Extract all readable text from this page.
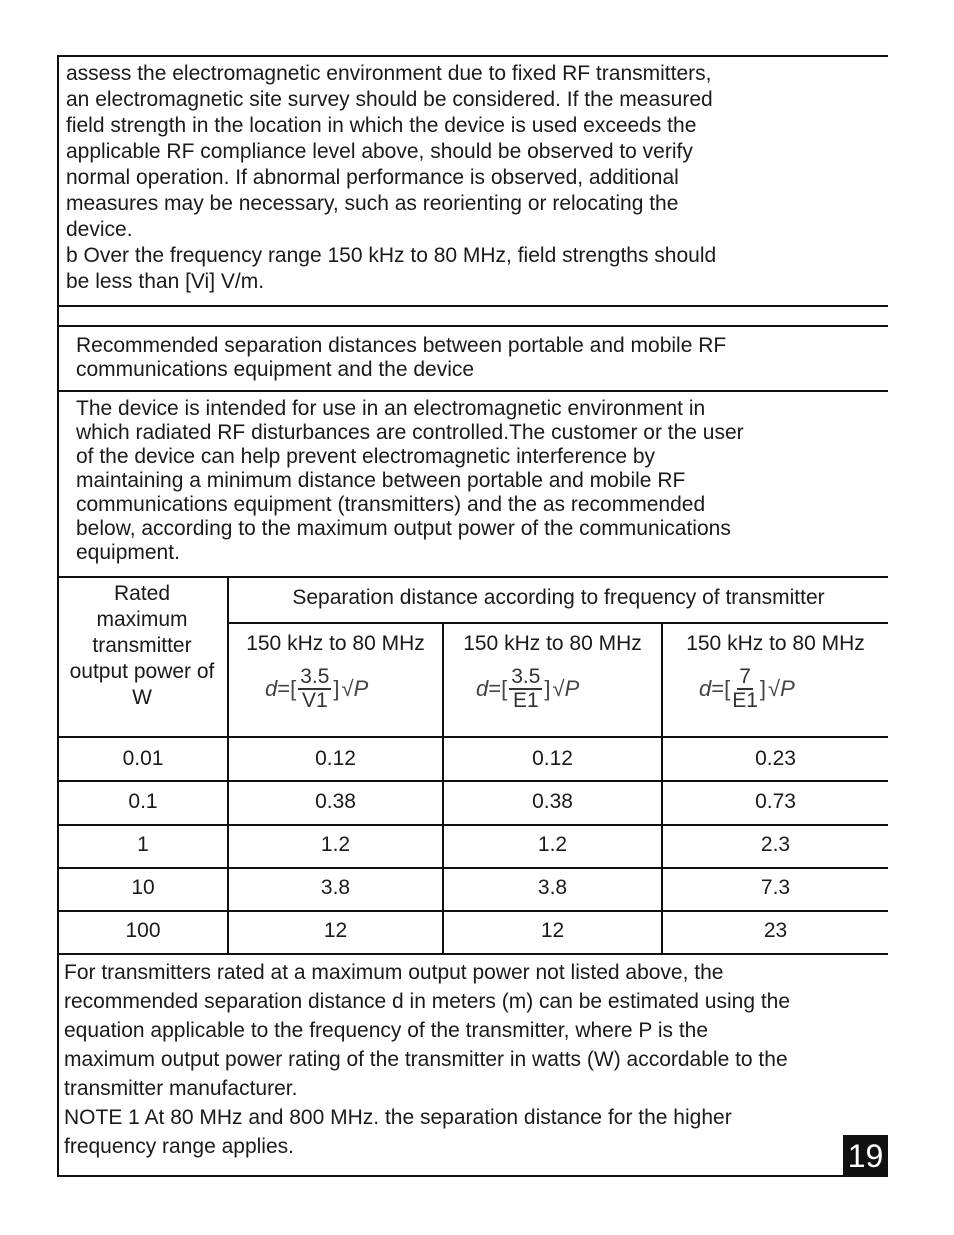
assess the electromagnetic environment due to fixed RF transmitters,
an electromagnetic site survey should be considered. If the measured
field strength in the location in which the device is used exceeds the
applicable RF compliance level above, should be observed to verify
normal operation. If abnormal performance is observed, additional
measures may be necessary, such as reorienting or relocating the
device.
b Over the frequency range 150 kHz to 80 MHz, field strengths should
be less than [Vi] V/m.
Recommended separation distances between portable and mobile RF
communications equipment and the device
The device is intended for use in an electromagnetic environment in
which radiated RF disturbances are controlled.The customer or the user
of the device can help prevent electromagnetic interference by
maintaining a minimum distance between portable and mobile RF
communications equipment (transmitters) and the as recommended
below, according to the maximum output power of the communications
equipment.
Rated
maximum
transmitter
output power of
W
Separation distance according to frequency of transmitter
150 kHz to 80 MHz	150 kHz to 80 MHz	150 kHz to 80 MHz
d =[ $\frac{3.5}{V1}$ ] √P	d =[ $\frac{3.5}{E1}$ ] √P	d =[ $\frac{7}{E1}$ ] √P
0.01	0.12	0.12	0.23
0.1	0.38	0.38	0.73
1	1.2	1.2	2.3
10	3.8	3.8	7.3
100	12	12	23
For transmitters rated at a maximum output power not listed above, the
recommended separation distance d in meters (m) can be estimated using the
equation applicable to the frequency of the transmitter, where P is the
maximum output power rating of the transmitter in watts (W) accordable to the
transmitter manufacturer.
NOTE 1 At 80 MHz and 800 MHz. the separation distance for the higher
frequency range applies.	19
